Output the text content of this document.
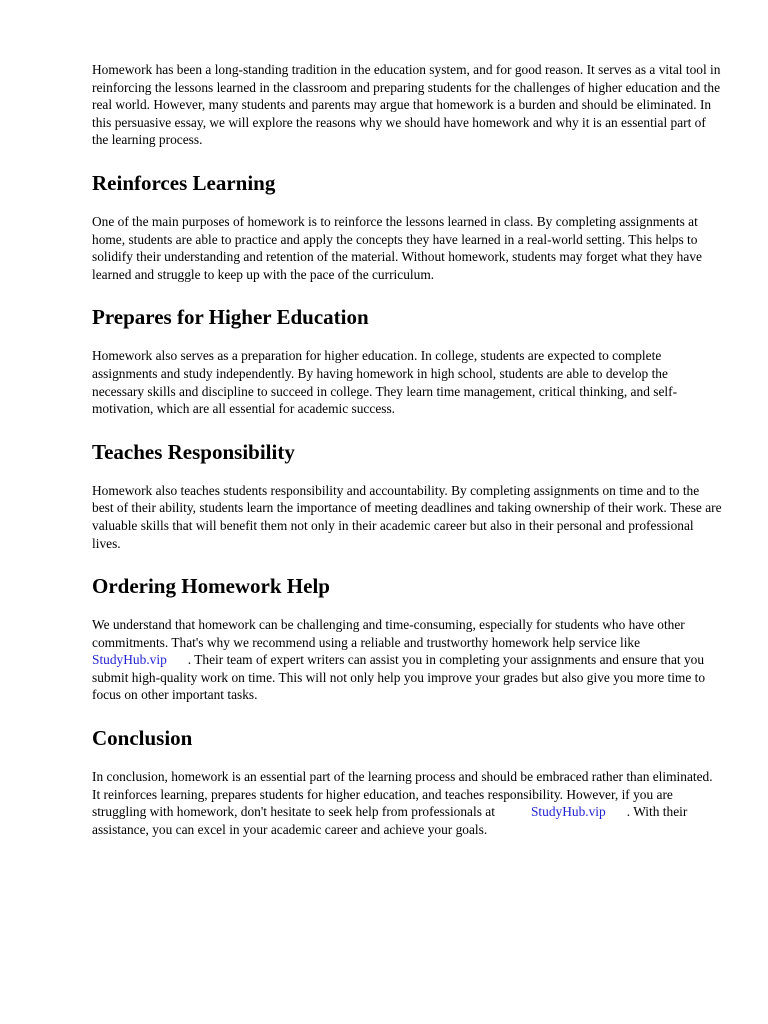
Homework has been a long-standing tradition in the education system, and for good reason. It serves as a vital tool in reinforcing the lessons learned in the classroom and preparing students for the challenges of higher education and the real world. However, many students and parents may argue that homework is a burden and should be eliminated. In this persuasive essay, we will explore the reasons why we should have homework and why it is an essential part of the learning process.

Reinforces Learning

One of the main purposes of homework is to reinforce the lessons learned in class. By completing assignments at home, students are able to practice and apply the concepts they have learned in a real-world setting. This helps to solidify their understanding and retention of the material. Without homework, students may forget what they have learned and struggle to keep up with the pace of the curriculum.

Prepares for Higher Education

Homework also serves as a preparation for higher education. In college, students are expected to complete assignments and study independently. By having homework in high school, students are able to develop the necessary skills and discipline to succeed in college. They learn time management, critical thinking, and self-motivation, which are all essential for academic success.

Teaches Responsibility

Homework also teaches students responsibility and accountability. By completing assignments on time and to the best of their ability, students learn the importance of meeting deadlines and taking ownership of their work. These are valuable skills that will benefit them not only in their academic career but also in their personal and professional lives.

Ordering Homework Help

We understand that homework can be challenging and time-consuming, especially for students who have other commitments. That's why we recommend using a reliable and trustworthy homework help service likeStudyHub.vip . Their team of expert writers can assist you in completing your assignments and ensure that you submit high-quality work on time. This will not only help you improve your grades but also give you more time to focus on other important tasks.

Conclusion

In conclusion, homework is an essential part of the learning process and should be embraced rather than eliminated. It reinforces learning, prepares students for higher education, and teaches responsibility. However, if you are struggling with homework, don't hesitate to seek help from professionals at	StudyHub.vip . With their assistance, you can excel in your academic career and achieve your goals.
